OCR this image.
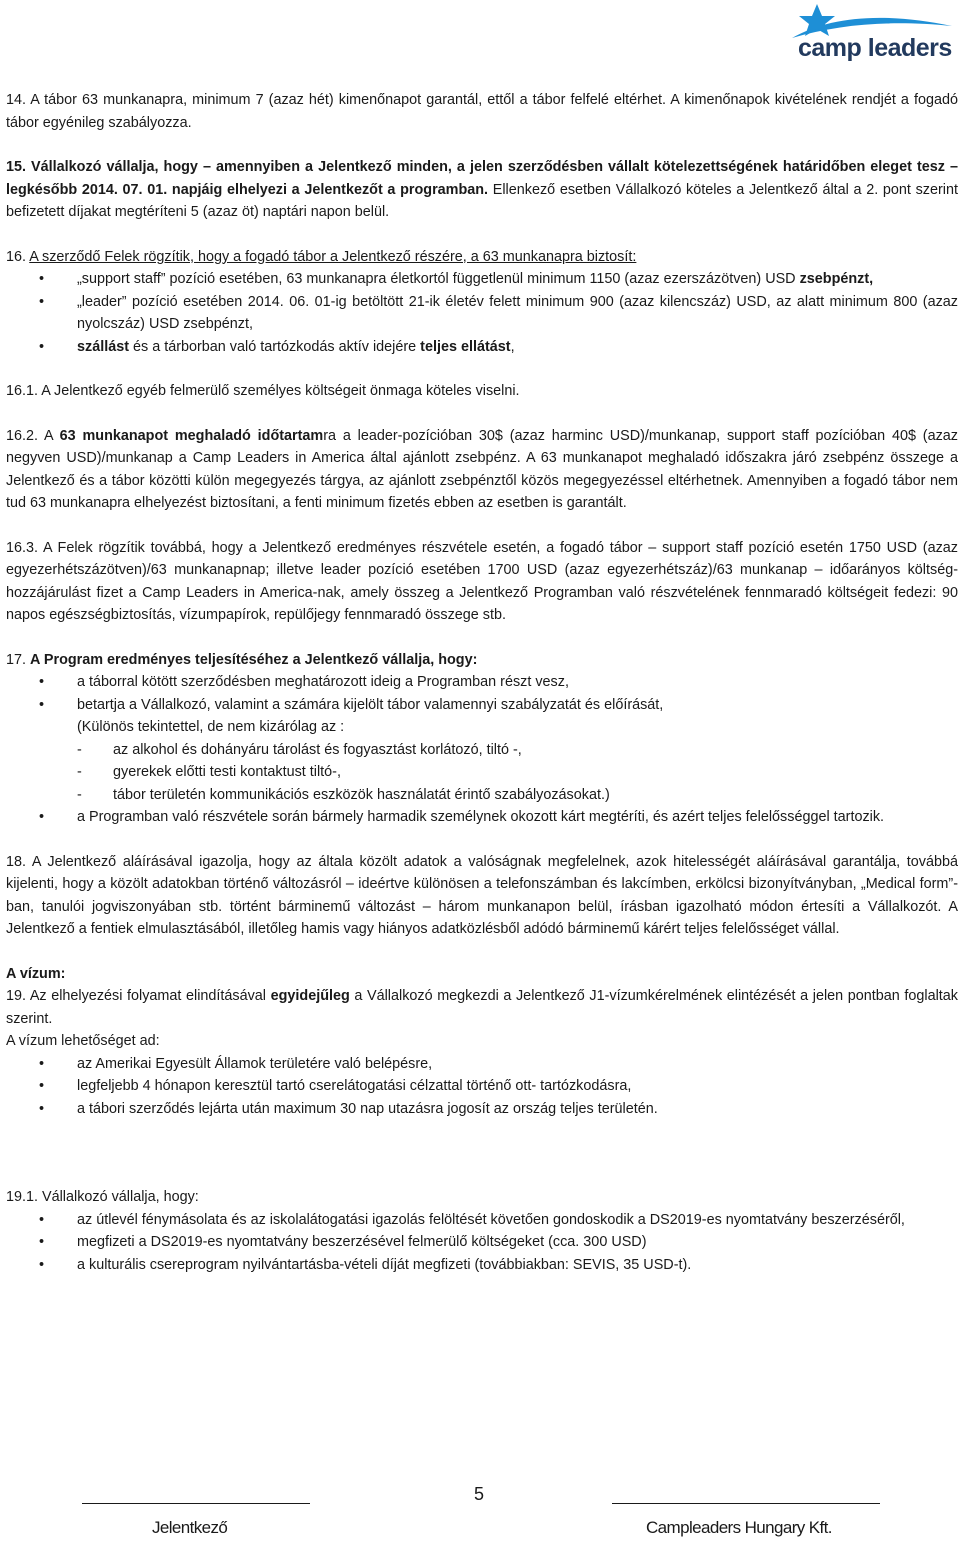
camp leaders

14. A tábor 63 munkanapra, minimum 7 (azaz hét) kimenőnapot garantál, ettől a tábor felfelé eltérhet. A kimenőnapok kivételének rendjét a fogadó tábor egyénileg szabályozza.

15. Vállalkozó vállalja, hogy – amennyiben a Jelentkező minden, a jelen szerződésben vállalt kötelezettségének határidőben eleget tesz – legkésőbb 2014. 07. 01. napjáig elhelyezi a Jelentkezőt a programban. Ellenkező esetben Vállalkozó köteles a Jelentkező által a 2. pont szerint befizetett díjakat megtéríteni 5 (azaz öt) naptári napon belül.

16. A szerződő Felek rögzítik, hogy a fogadó tábor a Jelentkező részére, a 63 munkanapra biztosít:

• „support staff” pozíció esetében, 63 munkanapra életkortól függetlenül minimum 1150 (azaz ezerszázötven) USD zsebpénzt,

• „leader” pozíció esetében 2014. 06. 01-ig betöltött 21-ik életév felett minimum 900 (azaz kilencszáz) USD, az alatt minimum 800 (azaz nyolcszáz) USD zsebpénzt,

• szállást és a tárborban való tartózkodás aktív idejére teljes ellátást,

16.1. A Jelentkező egyéb felmerülő személyes költségeit önmaga köteles viselni.

16.2. A 63 munkanapot meghaladó időtartamra a leader-pozícióban 30$ (azaz harminc USD)/munkanap, support staff pozícióban 40$ (azaz negyven USD)/munkanap a Camp Leaders in America által ajánlott zsebpénz. A 63 munkanapot meghaladó időszakra járó zsebpénz összege a Jelentkező és a tábor közötti külön megegyezés tárgya, az ajánlott zsebpénztől közös megegyezéssel eltérhetnek. Amennyiben a fogadó tábor nem tud 63 munkanapra elhelyezést biztosítani, a fenti minimum fizetés ebben az esetben is garantált.

16.3. A Felek rögzítik továbbá, hogy a Jelentkező eredményes részvétele esetén, a fogadó tábor – support staff pozíció esetén 1750 USD (azaz egyezerhétszázötven)/63 munkanapnap; illetve leader pozíció esetében 1700 USD (azaz egyezerhétszáz)/63 munkanap – időarányos költség-hozzájárulást fizet a Camp Leaders in America-nak, amely összeg a Jelentkező Programban való részvételének fennmaradó költségeit fedezi: 90 napos egészségbiztosítás, vízumpapírok, repülőjegy fennmaradó összege stb.

17. A Program eredményes teljesítéséhez a Jelentkező vállalja, hogy:

• a táborral kötött szerződésben meghatározott ideig a Programban részt vesz,

• betartja a Vállalkozó, valamint a számára kijelölt tábor valamennyi szabályzatát és előírását,

(Különös tekintettel, de nem kizárólag az :

- az alkohol és dohányáru tárolást és fogyasztást korlátozó, tiltó -,

- gyerekek előtti testi kontaktust tiltó-,

- tábor területén kommunikációs eszközök használatát érintő szabályozásokat.)

• a Programban való részvétele során bármely harmadik személynek okozott kárt megtéríti, és azért teljes felelősséggel tartozik.

18. A Jelentkező aláírásával igazolja, hogy az általa közölt adatok a valóságnak megfelelnek, azok hitelességét aláírásával garantálja, továbbá kijelenti, hogy a közölt adatokban történő változásról – ideértve különösen a telefonszámban és lakcímben, erkölcsi bizonyítványban, „Medical form”-ban, tanulói jogviszonyában stb. történt bárminemű változást – három munkanapon belül, írásban igazolható módon értesíti a Vállalkozót. A Jelentkező a fentiek elmulasztásából, illetőleg hamis vagy hiányos adatközlésből adódó bárminemű kárért teljes felelősséget vállal.

A vízum:

19. Az elhelyezési folyamat elindításával egyidejűleg a Vállalkozó megkezdi a Jelentkező J1-vízumkérelmének elintézését a jelen pontban foglaltak szerint.

A vízum lehetőséget ad:

• az Amerikai Egyesült Államok területére való belépésre,

• legfeljebb 4 hónapon keresztül tartó cserelátogatási célzattal történő ott- tartózkodásra,

• a tábori szerződés lejárta után maximum 30 nap utazásra jogosít az ország teljes területén.

19.1. Vállalkozó vállalja, hogy:

• az útlevél fénymásolata és az iskolalátogatási igazolás felöltését követően gondoskodik a DS2019-es nyomtatvány beszerzéséről,

• megfizeti a DS2019-es nyomtatvány beszerzésével felmerülő költségeket (cca. 300 USD)

• a kulturális csereprogram nyilvántartásba-vételi díját megfizeti (továbbiakban: SEVIS, 35 USD-t).

5
Jelentkező	Campleaders Hungary Kft.
